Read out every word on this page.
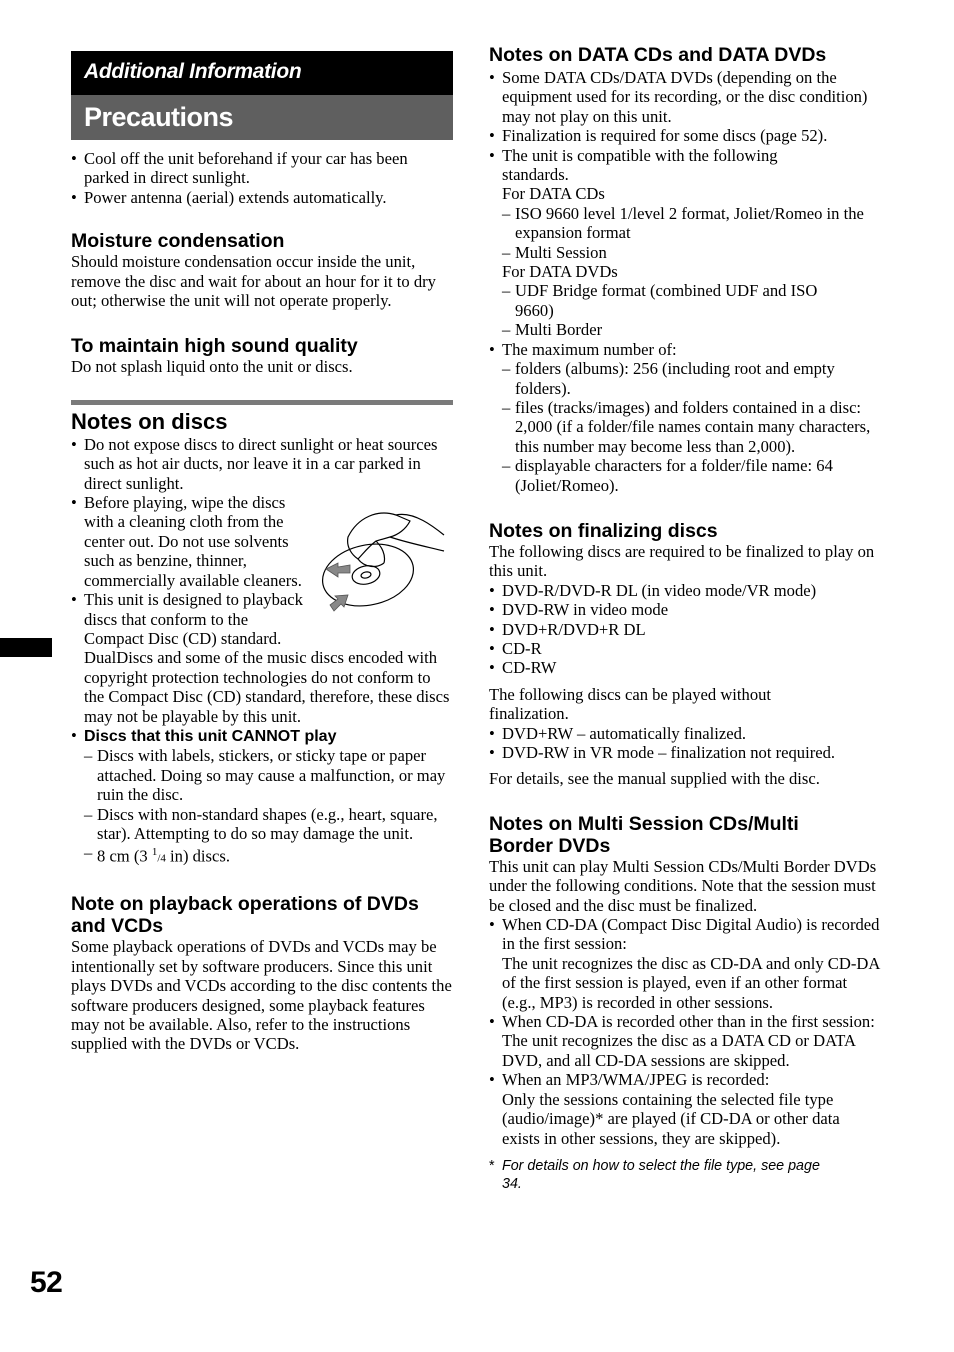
Additional Information
Precautions
• Cool off the unit beforehand if your car has been parked in direct sunlight.
• Power antenna (aerial) extends automatically.
Moisture condensation

Should moisture condensation occur inside the unit, remove the disc and wait for about an hour for it to dry out; otherwise the unit will not operate properly.

To maintain high sound quality

Do not splash liquid onto the unit or discs.

Notes on discs
• Do not expose discs to direct sunlight or heat sources such as hot air ducts, nor leave it in a car parked in direct sunlight.
• Before playing, wipe the discs with a cleaning cloth from the center out. Do not use solvents such as benzine, thinner, commercially available cleaners.
• This unit is designed to playback discs that conform to the Compact Disc (CD) standard. DualDiscs and some of the music discs encoded with copyright protection technologies do not conform to the Compact Disc (CD) standard, therefore, these discs may not be playable by this unit.
• Discs that this unit CANNOT play
– Discs with labels, stickers, or sticky tape or paper attached. Doing so may cause a malfunction, or may ruin the disc.
– Discs with non-standard shapes (e.g., heart, square, star). Attempting to do so may damage the unit.
– 8 cm (3 $^1$/4 in) discs.
Note on playback operations of DVDs and VCDs

Some playback operations of DVDs and VCDs may be intentionally set by software producers. Since this unit plays DVDs and VCDs according to the disc contents the software producers designed, some playback features may not be available. Also, refer to the instructions supplied with the DVDs or VCDs.

Notes on DATA CDs and DATA DVDs
• Some DATA CDs/DATA DVDs (depending on the equipment used for its recording, or the disc condition) may not play on this unit.
• Finalization is required for some discs (page 52).
• The unit is compatible with the following standards.
For DATA CDs
– ISO 9660 level 1/level 2 format, Joliet/Romeo in the expansion format
– Multi Session
For DATA DVDs
– UDF Bridge format (combined UDF and ISO 9660)
– Multi Border
• The maximum number of:
– folders (albums): 256 (including root and empty folders).
– files (tracks/images) and folders contained in a disc: 2,000 (if a folder/file names contain many characters, this number may become less than 2,000).
– displayable characters for a folder/file name: 64 (Joliet/Romeo).
Notes on finalizing discs

The following discs are required to be finalized to play on this unit.

• DVD-R/DVD-R DL (in video mode/VR mode)
• DVD-RW in video mode
• DVD+R/DVD+R DL
• CD-R
• CD-RW

The following discs can be played without finalization.

• DVD+RW – automatically finalized.
• DVD-RW in VR mode – finalization not required.

For details, see the manual supplied with the disc.

Notes on Multi Session CDs/Multi Border DVDs

This unit can play Multi Session CDs/Multi Border DVDs under the following conditions. Note that the session must be closed and the disc must be finalized.

• When CD-DA (Compact Disc Digital Audio) is recorded in the first session:
The unit recognizes the disc as CD-DA and only CD-DA of the first session is played, even if an other format (e.g., MP3) is recorded in other sessions.
• When CD-DA is recorded other than in the first session:
The unit recognizes the disc as a DATA CD or DATA DVD, and all CD-DA sessions are skipped.
• When an MP3/WMA/JPEG is recorded:
Only the sessions containing the selected file type (audio/image)* are played (if CD-DA or other data exists in other sessions, they are skipped).
* For details on how to select the file type, see page 34.
52
